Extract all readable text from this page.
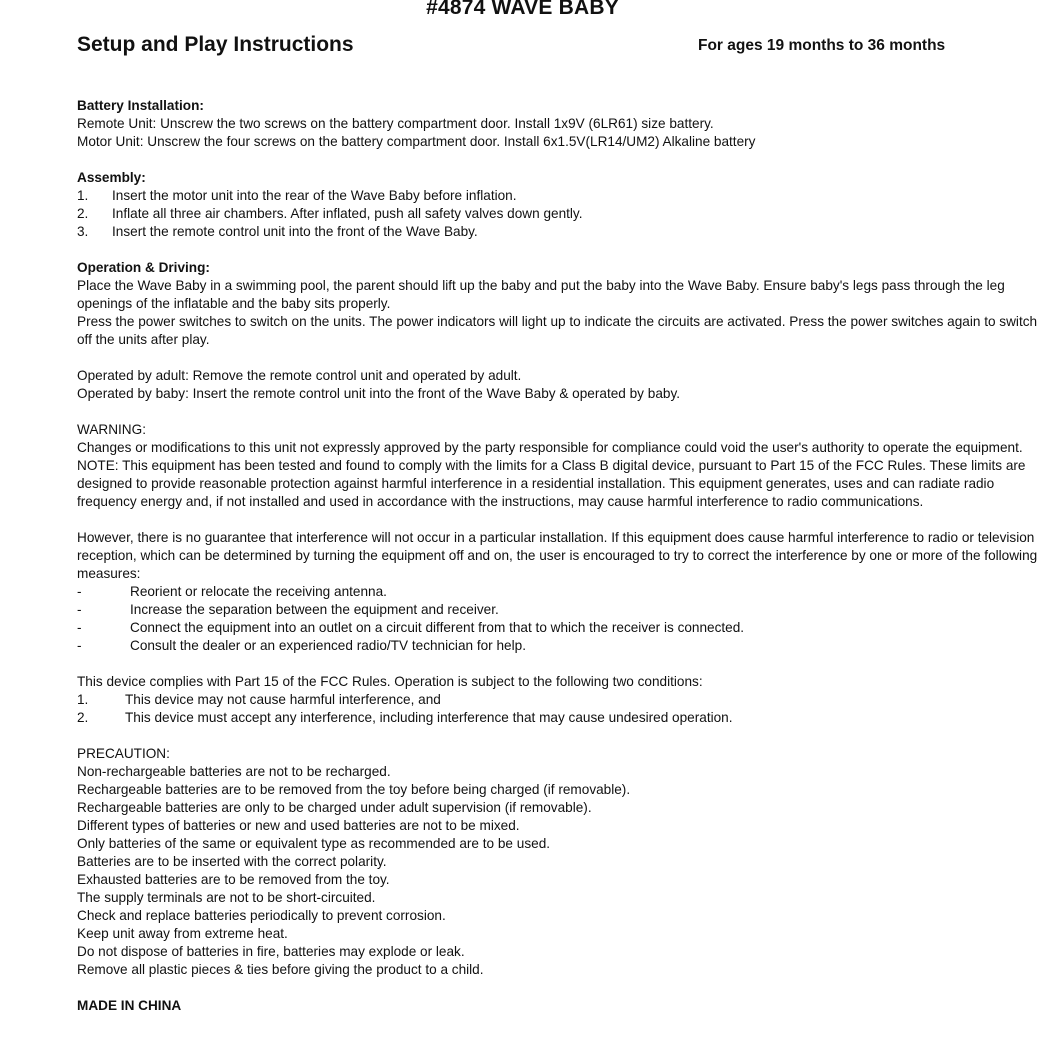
#4874 WAVE BABY
Setup and Play Instructions	For ages 19 months to 36 months

Battery Installation:

Remote Unit: Unscrew the two screws on the battery compartment door. Install 1x9V (6LR61) size battery.

Motor Unit: Unscrew the four screws on the battery compartment door. Install 6x1.5V(LR14/UM2) Alkaline battery

Assembly:

1.	Insert the motor unit into the rear of the Wave Baby before inflation.
2.	Inflate all three air chambers. After inflated, push all safety valves down gently.
3.	Insert the remote control unit into the front of the Wave Baby.

Operation & Driving:

Place the Wave Baby in a swimming pool, the parent should lift up the baby and put the baby into the Wave Baby. Ensure baby's legs pass through the leg openings of the inflatable and the baby sits properly.

Press the power switches to switch on the units. The power indicators will light up to indicate the circuits are activated. Press the power switches again to switch off the units after play.

Operated by adult: Remove the remote control unit and operated by adult.

Operated by baby: Insert the remote control unit into the front of the Wave Baby & operated by baby.

WARNING:

Changes or modifications to this unit not expressly approved by the party responsible for compliance could void the user's authority to operate the equipment.

NOTE: This equipment has been tested and found to comply with the limits for a Class B digital device, pursuant to Part 15 of the FCC Rules. These limits are designed to provide reasonable protection against harmful interference in a residential installation. This equipment generates, uses and can radiate radio frequency energy and, if not installed and used in accordance with the instructions, may cause harmful interference to radio communications.

However, there is no guarantee that interference will not occur in a particular installation. If this equipment does cause harmful interference to radio or television reception, which can be determined by turning the equipment off and on, the user is encouraged to try to correct the interference by one or more of the following measures:

-	Reorient or relocate the receiving antenna.
-	Increase the separation between the equipment and receiver.
-	Connect the equipment into an outlet on a circuit different from that to which the receiver is connected.
-	Consult the dealer or an experienced radio/TV technician for help.

This device complies with Part 15 of the FCC Rules. Operation is subject to the following two conditions:

1.	This device may not cause harmful interference, and
2.	This device must accept any interference, including interference that may cause undesired operation.

PRECAUTION:

Non-rechargeable batteries are not to be recharged.

Rechargeable batteries are to be removed from the toy before being charged (if removable).

Rechargeable batteries are only to be charged under adult supervision (if removable).

Different types of batteries or new and used batteries are not to be mixed.

Only batteries of the same or equivalent type as recommended are to be used.

Batteries are to be inserted with the correct polarity.

Exhausted batteries are to be removed from the toy.

The supply terminals are not to be short-circuited.

Check and replace batteries periodically to prevent corrosion.

Keep unit away from extreme heat.

Do not dispose of batteries in fire, batteries may explode or leak.

Remove all plastic pieces & ties before giving the product to a child.

MADE IN CHINA
